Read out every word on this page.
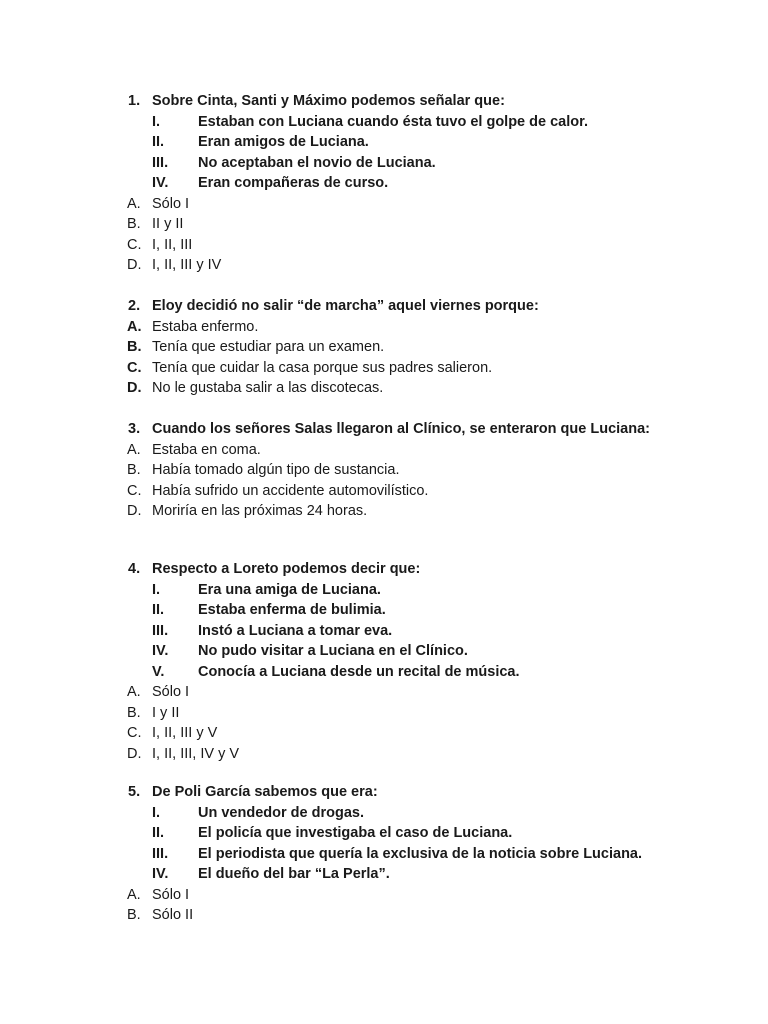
1. Sobre Cinta, Santi y Máximo podemos señalar que:
I.	Estaban con Luciana cuando ésta tuvo el golpe de calor.
II.	Eran amigos de Luciana.
III.	No aceptaban el novio de Luciana.
IV.	Eran compañeras de curso.
A. Sólo I
B. II y II
C. I, II, III
D. I, II, III y IV
2. Eloy decidió no salir “de marcha” aquel viernes porque:
A. Estaba enfermo.
B. Tenía que estudiar para un examen.
C. Tenía que cuidar la casa porque sus padres salieron.
D. No le gustaba salir a las discotecas.
3. Cuando los señores Salas llegaron al Clínico, se enteraron que Luciana:
A. Estaba en coma.
B. Había tomado algún tipo de sustancia.
C. Había sufrido un accidente automovilístico.
D. Moriría en las próximas 24 horas.
4. Respecto a Loreto podemos decir que:
I.	Era una amiga de Luciana.
II.	Estaba enferma de bulimia.
III.	Instó a Luciana a tomar eva.
IV.	No pudo visitar a Luciana en el Clínico.
V.	Conocía a Luciana desde un recital de música.
A. Sólo I
B. I y II
C. I, II, III y V
D. I, II, III, IV y V
5. De Poli García sabemos que era:
I.	Un vendedor de drogas.
II.	El policía que investigaba el caso de Luciana.
III.	El periodista que quería la exclusiva de la noticia sobre Luciana.
IV.	El dueño del bar “La Perla”.
A. Sólo I
B. Sólo II
